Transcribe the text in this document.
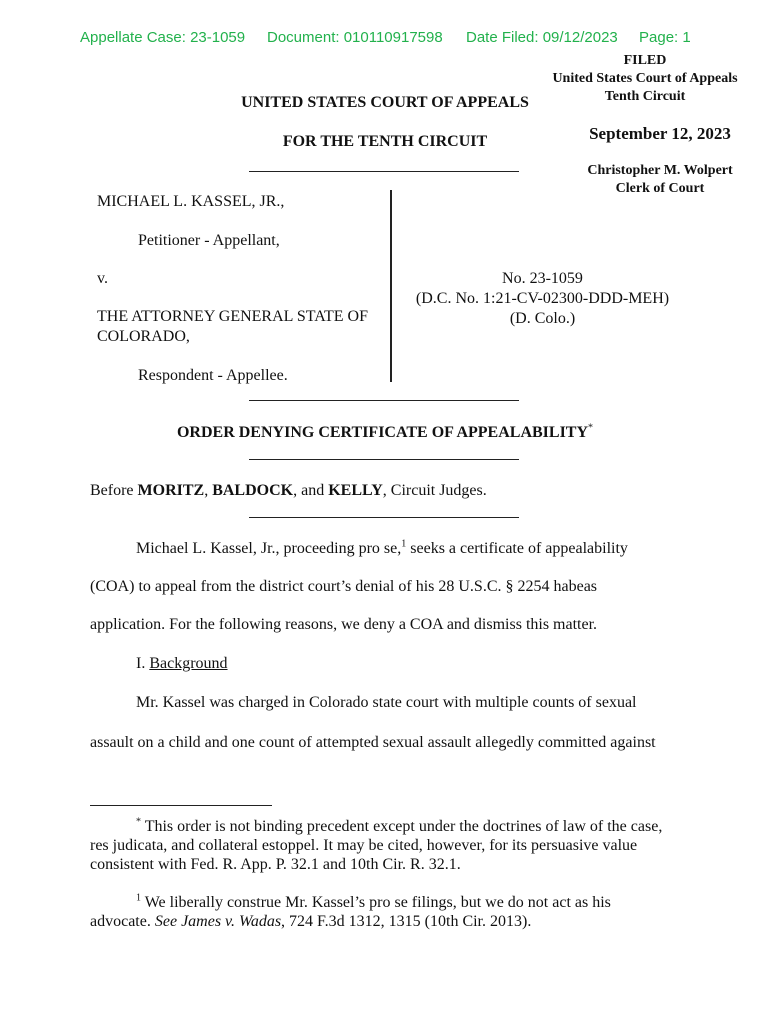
Appellate Case: 23-1059 Document: 010110917598 Date Filed: 09/12/2023 Page: 1
FILED
United States Court of Appeals
Tenth Circuit
September 12, 2023
Christopher M. Wolpert
Clerk of Court
UNITED STATES COURT OF APPEALS
FOR THE TENTH CIRCUIT
MICHAEL L. KASSEL, JR.,
Petitioner - Appellant,
v.
THE ATTORNEY GENERAL STATE OF
COLORADO,
Respondent - Appellee.
No. 23-1059
(D.C. No. 1:21-CV-02300-DDD-MEH)
(D. Colo.)
ORDER DENYING CERTIFICATE OF APPEALABILITY*
Before MORITZ, BALDOCK, and KELLY, Circuit Judges.
Michael L. Kassel, Jr., proceeding pro se,$^1$ seeks a certificate of appealability
(COA) to appeal from the district court’s denial of his 28 U.S.C. § 2254 habeas
application. For the following reasons, we deny a COA and dismiss this matter.
I. Background
Mr. Kassel was charged in Colorado state court with multiple counts of sexual
assault on a child and one count of attempted sexual assault allegedly committed against
* This order is not binding precedent except under the doctrines of law of the case,
res judicata, and collateral estoppel. It may be cited, however, for its persuasive value
consistent with Fed. R. App. P. 32.1 and 10th Cir. R. 32.1.
$^1$ We liberally construe Mr. Kassel’s pro se filings, but we do not act as his
advocate. See James v. Wadas, 724 F.3d 1312, 1315 (10th Cir. 2013).
